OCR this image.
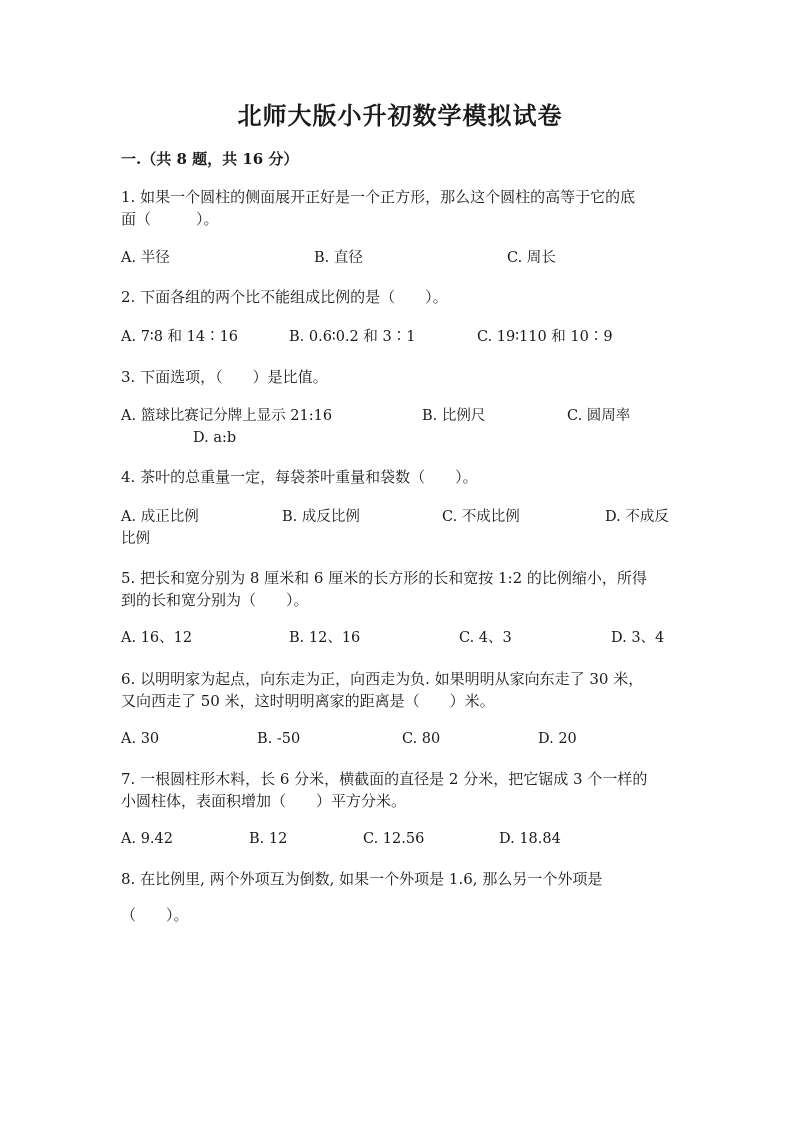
北师大版小升初数学模拟试卷
一.（共 8 题，共 16 分）
1. 如果一个圆柱的侧面展开正好是一个正方形，那么这个圆柱的高等于它的底
面（　　　）。
A. 半径	B. 直径	C. 周长
2. 下面各组的两个比不能组成比例的是（　　）。
A. 7∶8 和 14∶16	B. 0.6∶0.2 和 3∶1	C. 19∶110 和 10∶9
3. 下面选项，（　　）是比值。
A. 篮球比赛记分牌上显示 21:16	B. 比例尺	C. 圆周率
D. a:b
4. 茶叶的总重量一定，每袋茶叶重量和袋数（　　）。
A. 成正比例	B. 成反比例	C. 不成比例	D. 不成反
比例
5. 把长和宽分别为 8 厘米和 6 厘米的长方形的长和宽按 1:2 的比例缩小，所得
到的长和宽分别为（　　）。
A. 16、12	B. 12、16	C. 4、3	D. 3、4
6. 以明明家为起点，向东走为正，向西走为负. 如果明明从家向东走了 30 米，
又向西走了 50 米，这时明明离家的距离是（　　）米。
A. 30	B. -50	C. 80	D. 20
7. 一根圆柱形木料，长 6 分米，横截面的直径是 2 分米，把它锯成 3 个一样的
小圆柱体，表面积增加（　　）平方分米。
A. 9.42	B. 12	C. 12.56	D. 18.84
8. 在比例里, 两个外项互为倒数, 如果一个外项是 1.6, 那么另一个外项是
（　　）。
